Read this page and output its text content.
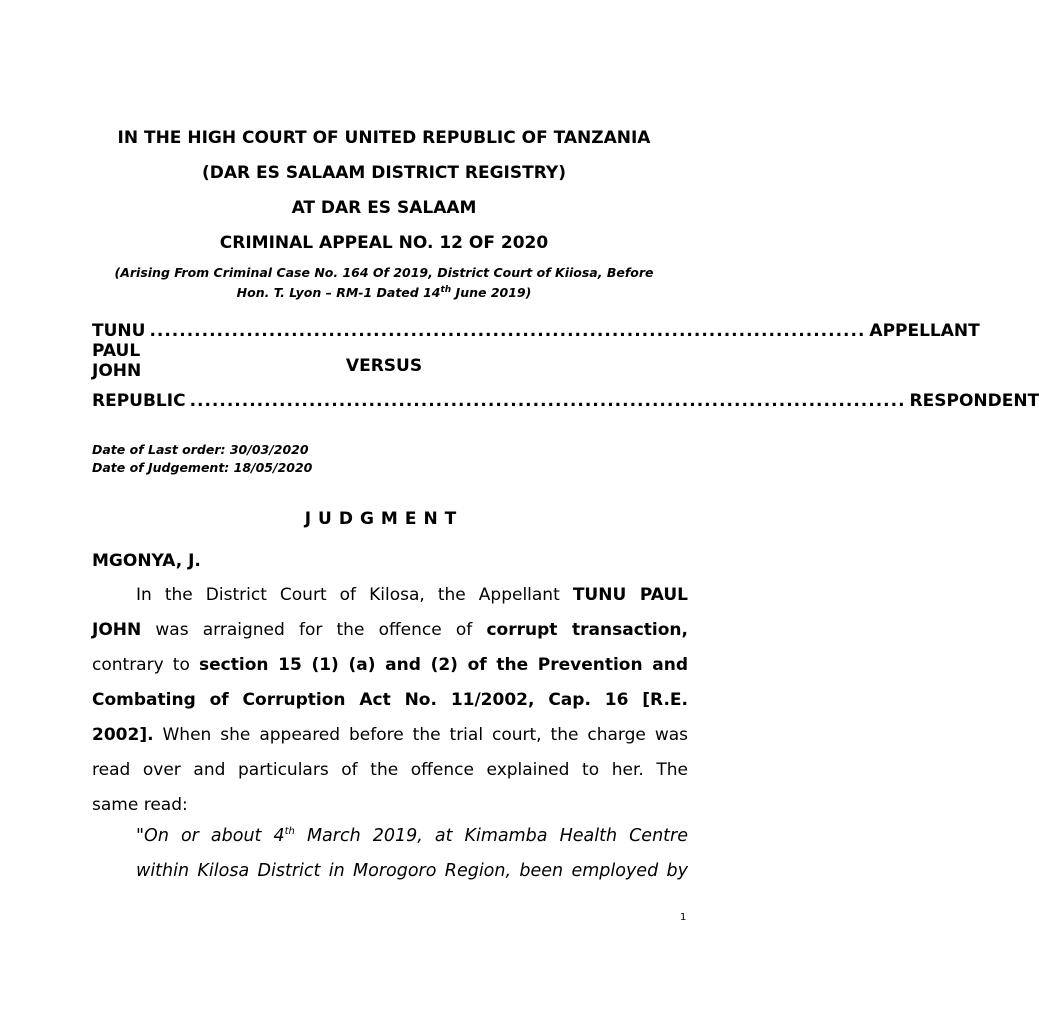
IN THE HIGH COURT OF UNITED REPUBLIC OF TANZANIA
(DAR ES SALAAM DISTRICT REGISTRY)
AT DAR ES SALAAM
CRIMINAL APPEAL NO. 12 OF 2020
(Arising From Criminal Case No. 164 Of 2019, District Court of Kiiosa, Before
Hon. T. Lyon – RM-1 Dated 14th June 2019)
TUNU PAUL JOHN
................................................................................................ APPELLANT
VERSUS
REPUBLIC ................................................................................................ RESPONDENT
Date of Last order: 30/03/2020
Date of Judgement: 18/05/2020
JUDGMENT
MGONYA, J.
In the District Court of Kilosa, the Appellant TUNU PAUL
JOHN was arraigned for the offence of corrupt transaction,
contrary to section 15 (1) (a) and (2) of the Prevention and
Combating of Corruption Act No. 11/2002, Cap. 16 [R.E.
2002]. When she appeared before the trial court, the charge was
read over and particulars of the offence explained to her. The
same read:
"On or about 4th March 2019, at Kimamba Health Centre
within Kilosa District in Morogoro Region, been employed by
1
